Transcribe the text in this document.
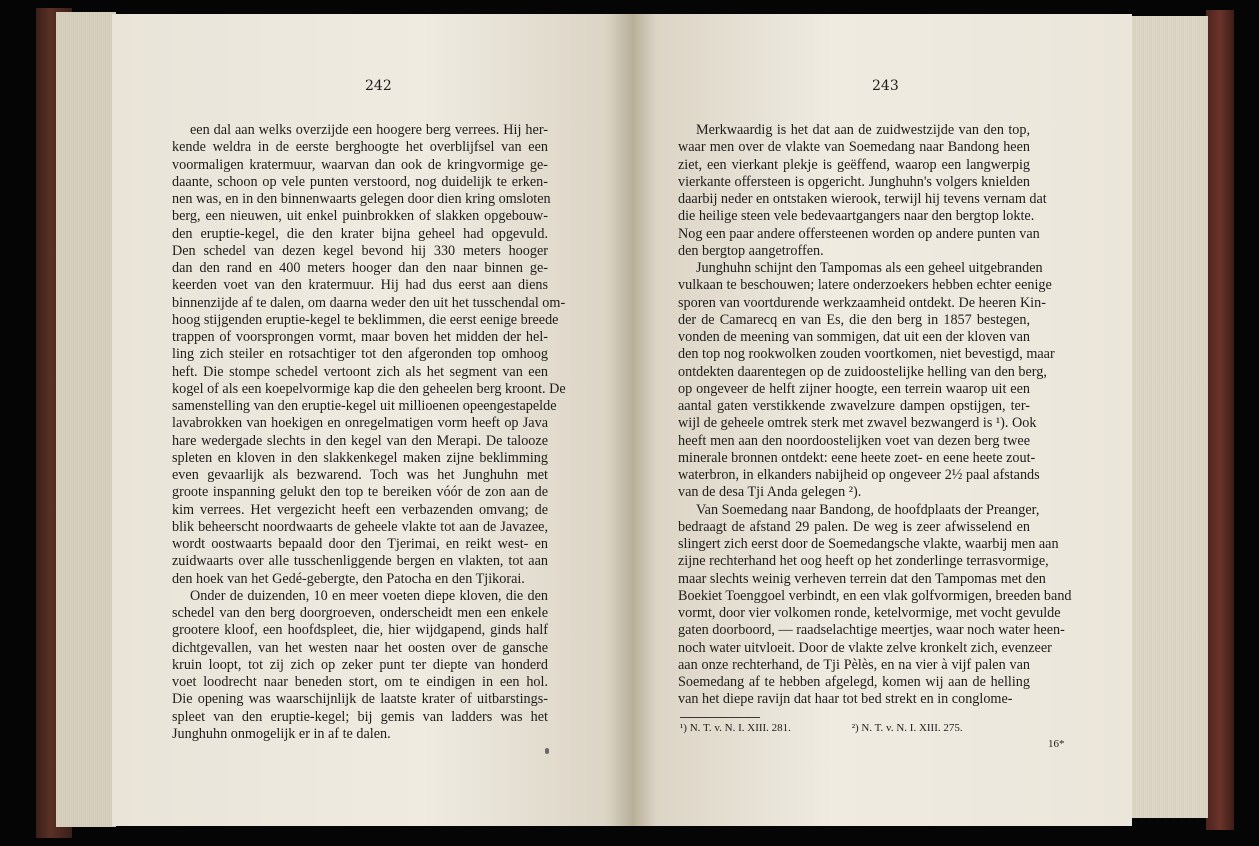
242	243
een dal aan welks overzijde een hoogere berg verrees. Hij her-
kende weldra in de eerste berghoogte het overblijfsel van een
voormaligen kratermuur, waarvan dan ook de kringvormige ge-
daante, schoon op vele punten verstoord, nog duidelijk te erken-
nen was, en in den binnenwaarts gelegen door dien kring omsloten
berg, een nieuwen, uit enkel puinbrokken of slakken opgebouw-
den eruptie-kegel, die den krater bijna geheel had opgevuld.
Den schedel van dezen kegel bevond hij 330 meters hooger
dan den rand en 400 meters hooger dan den naar binnen ge-
keerden voet van den kratermuur. Hij had dus eerst aan diens
binnenzijde af te dalen, om daarna weder den uit het tusschendal om-
hoog stijgenden eruptie-kegel te beklimmen, die eerst eenige breede
trappen of voorsprongen vormt, maar boven het midden der hel-
ling zich steiler en rotsachtiger tot den afgeronden top omhoog
heft. Die stompe schedel vertoont zich als het segment van een
kogel of als een koepelvormige kap die den geheelen berg kroont. De
samenstelling van den eruptie-kegel uit millioenen opeengestapelde
lavabrokken van hoekigen en onregelmatigen vorm heeft op Java
hare wedergade slechts in den kegel van den Merapi. De talooze
spleten en kloven in den slakkenkegel maken zijne beklimming
even gevaarlijk als bezwarend. Toch was het Junghuhn met
groote inspanning gelukt den top te bereiken vóór de zon aan de
kim verrees. Het vergezicht heeft een verbazenden omvang; de
blik beheerscht noordwaarts de geheele vlakte tot aan de Javazee,
wordt oostwaarts bepaald door den Tjerimai, en reikt west- en
zuidwaarts over alle tusschenliggende bergen en vlakten, tot aan
den hoek van het Gedé-gebergte, den Patocha en den Tjikorai.
Onder de duizenden, 10 en meer voeten diepe kloven, die den
schedel van den berg doorgroeven, onderscheidt men een enkele
grootere kloof, een hoofdspleet, die, hier wijdgapend, ginds half
dichtgevallen, van het westen naar het oosten over de gansche
kruin loopt, tot zij zich op zeker punt ter diepte van honderd
voet loodrecht naar beneden stort, om te eindigen in een hol.
Die opening was waarschijnlijk de laatste krater of uitbarstings-
spleet van den eruptie-kegel; bij gemis van ladders was het
Junghuhn onmogelijk er in af te dalen.
Merkwaardig is het dat aan de zuidwestzijde van den top,
waar men over de vlakte van Soemedang naar Bandong heen
ziet, een vierkant plekje is geëffend, waarop een langwerpig
vierkante offersteen is opgericht. Junghuhn's volgers knielden
daarbij neder en ontstaken wierook, terwijl hij tevens vernam dat
die heilige steen vele bedevaartgangers naar den bergtop lokte.
Nog een paar andere offersteenen worden op andere punten van
den bergtop aangetroffen.
Junghuhn schijnt den Tampomas als een geheel uitgebranden
vulkaan te beschouwen; latere onderzoekers hebben echter eenige
sporen van voortdurende werkzaamheid ontdekt. De heeren Kin-
der de Camarecq en van Es, die den berg in 1857 bestegen,
vonden de meening van sommigen, dat uit een der kloven van
den top nog rookwolken zouden voortkomen, niet bevestigd, maar
ontdekten daarentegen op de zuidoostelijke helling van den berg,
op ongeveer de helft zijner hoogte, een terrein waarop uit een
aantal gaten verstikkende zwavelzure dampen opstijgen, ter-
wijl de geheele omtrek sterk met zwavel bezwangerd is ¹). Ook
heeft men aan den noordoostelijken voet van dezen berg twee
minerale bronnen ontdekt: eene heete zoet- en eene heete zout-
waterbron, in elkanders nabijheid op ongeveer 2½ paal afstands
van de desa Tji Anda gelegen ²).
Van Soemedang naar Bandong, de hoofdplaats der Preanger,
bedraagt de afstand 29 palen. De weg is zeer afwisselend en
slingert zich eerst door de Soemedangsche vlakte, waarbij men aan
zijne rechterhand het oog heeft op het zonderlinge terrasvormige,
maar slechts weinig verheven terrein dat den Tampomas met den
Boekiet Toenggoel verbindt, en een vlak golfvormigen, breeden band
vormt, door vier volkomen ronde, ketelvormige, met vocht gevulde
gaten doorboord, — raadselachtige meertjes, waar noch water heen-
noch water uitvloeit. Door de vlakte zelve kronkelt zich, evenzeer
aan onze rechterhand, de Tji Pèlès, en na vier à vijf palen van
Soemedang af te hebben afgelegd, komen wij aan de helling
van het diepe ravijn dat haar tot bed strekt en in conglome-
¹) N. T. v. N. I. XIII. 281.	²) N. T. v. N. I. XIII. 275.
16*
